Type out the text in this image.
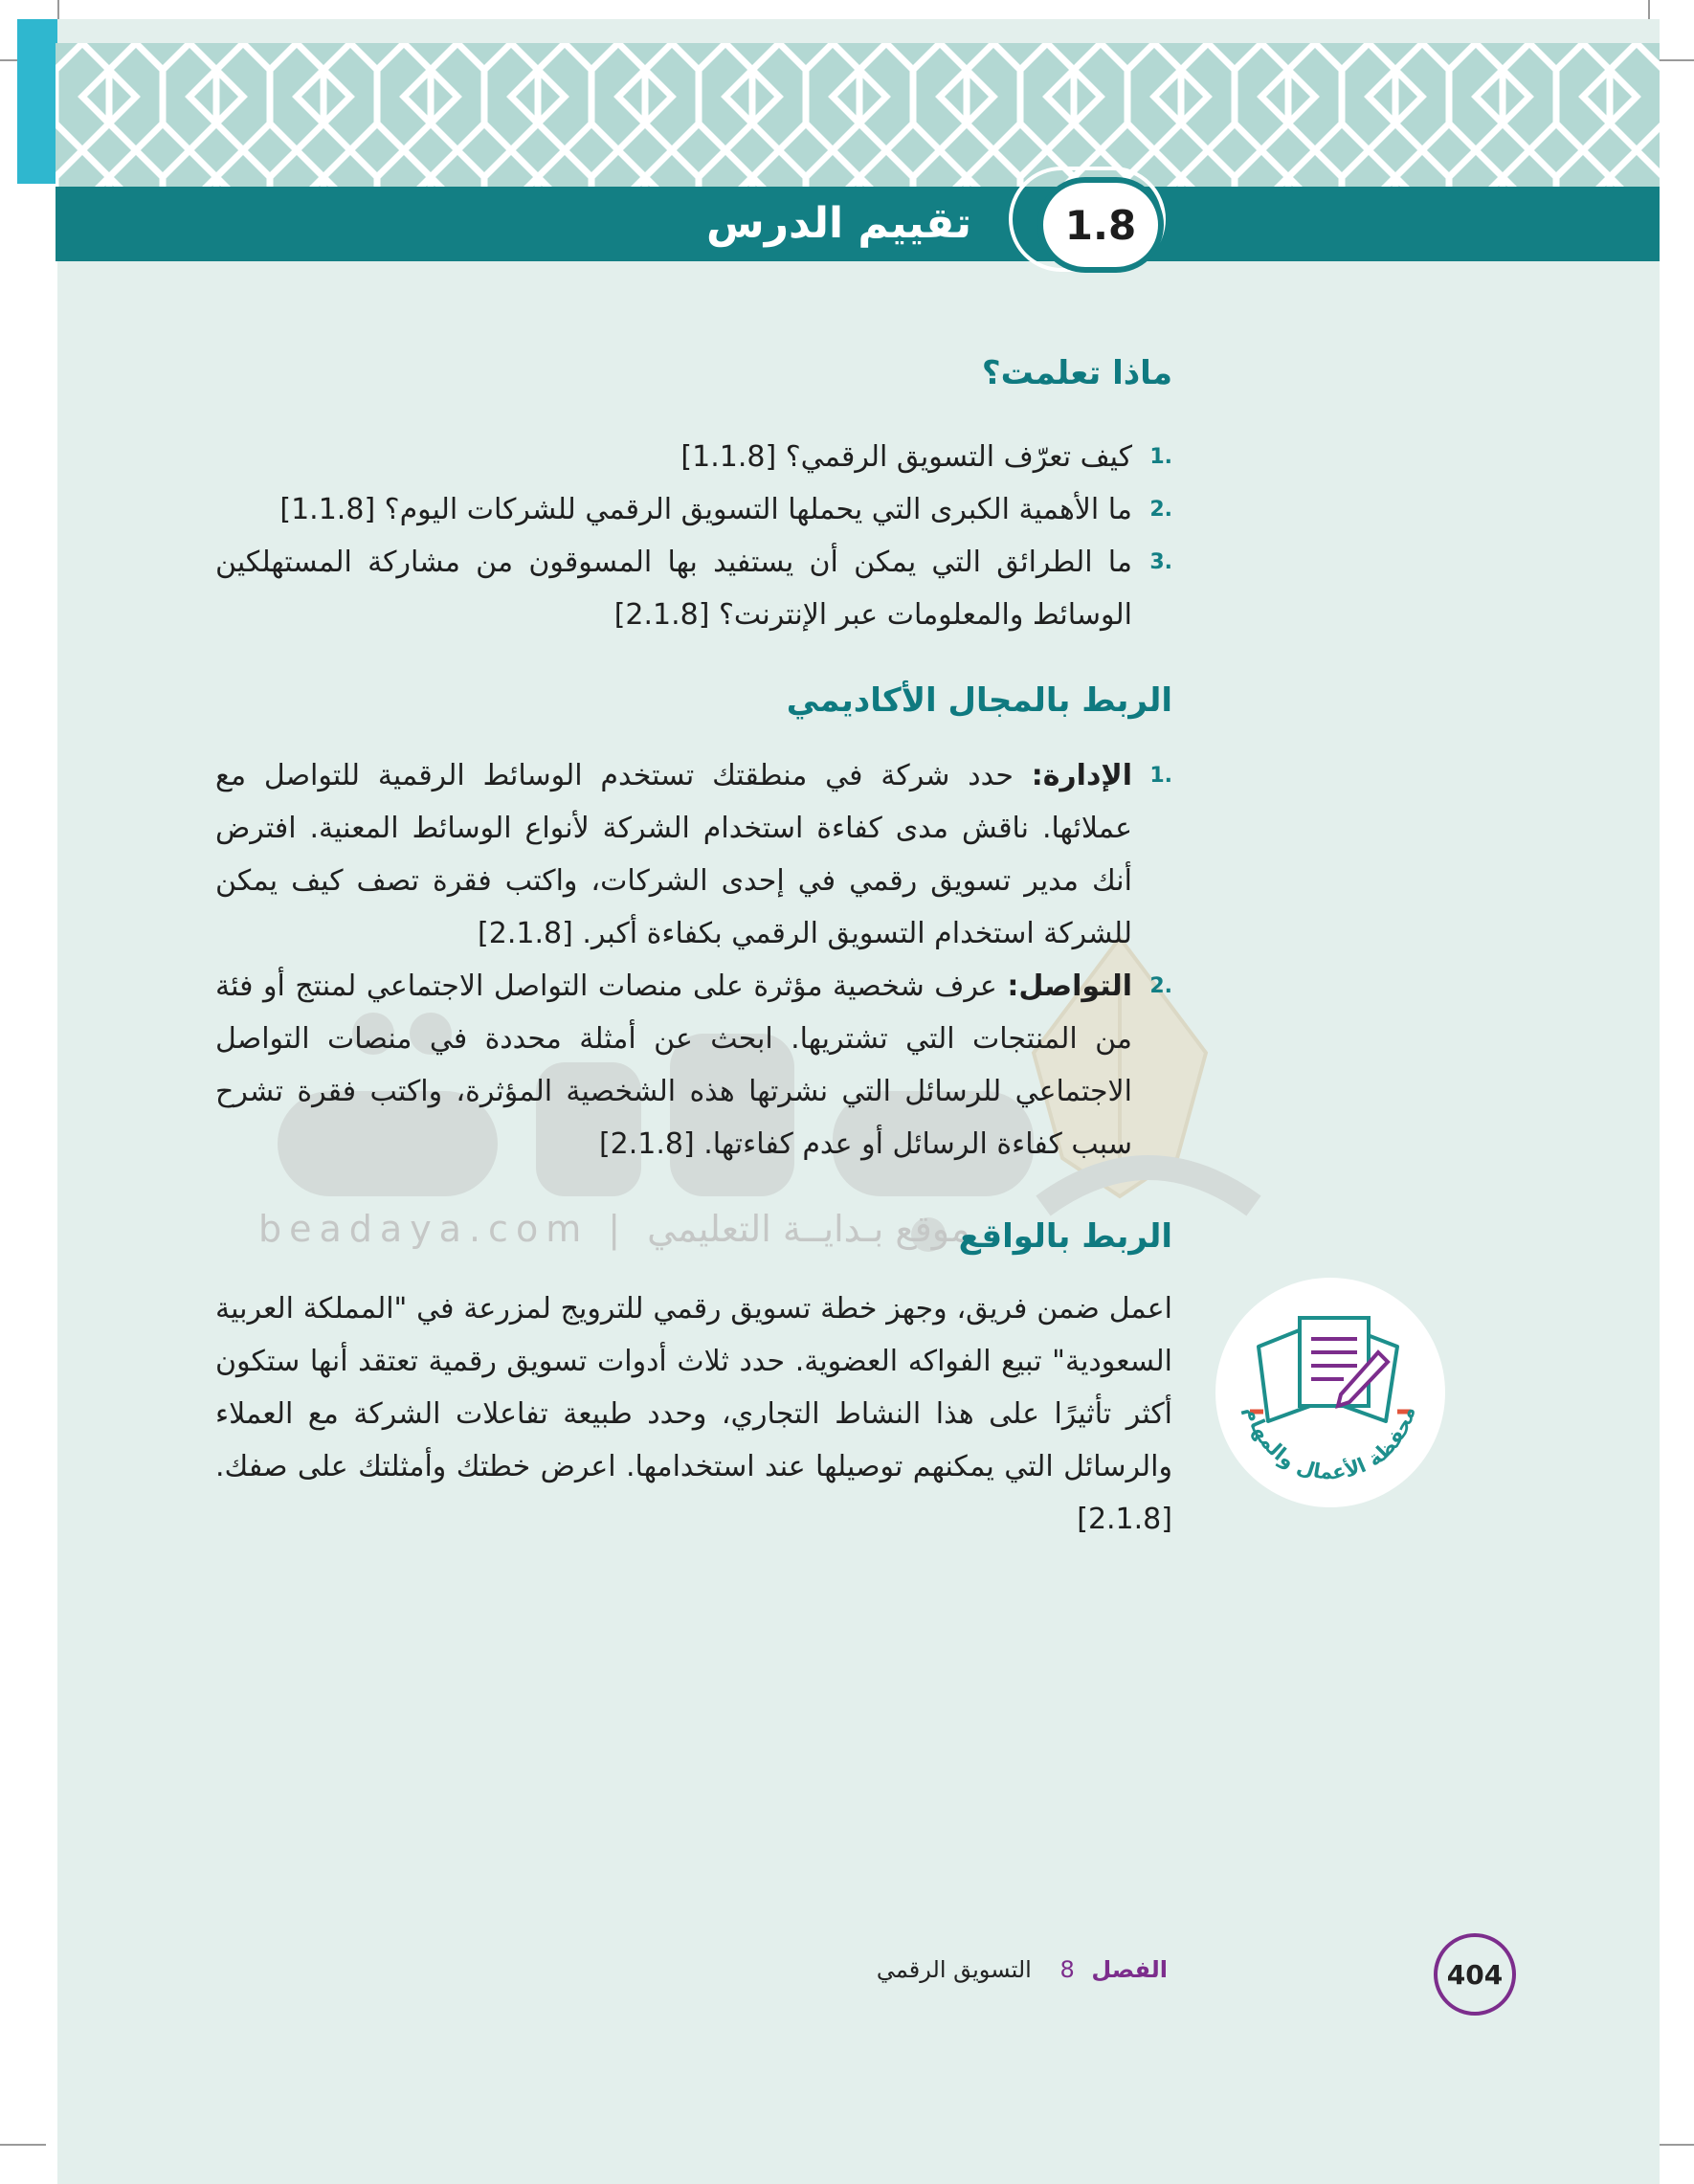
تقييم الدرس	1.8
beadaya.com | موقع بـدايــة التعليمي
ماذا تعلمت؟
1.
كيف تعرّف التسويق الرقمي؟ [1.1.8]
2.
ما الأهمية الكبرى التي يحملها التسويق الرقمي للشركات اليوم؟ [1.1.8]
3.
ما الطرائق التي يمكن أن يستفيد بها المسوقون من مشاركة المستهلكين الوسائط والمعلومات عبر الإنترنت؟ [2.1.8]
الربط بالمجال الأكاديمي
1.
الإدارة: حدد شركة في منطقتك تستخدم الوسائط الرقمية للتواصل مع عملائها. ناقش مدى كفاءة استخدام الشركة لأنواع الوسائط المعنية. افترض أنك مدير تسويق رقمي في إحدى الشركات، واكتب فقرة تصف كيف يمكن للشركة استخدام التسويق الرقمي بكفاءة أكبر. [2.1.8]
2.
التواصل: عرف شخصية مؤثرة على منصات التواصل الاجتماعي لمنتج أو فئة من المنتجات التي تشتريها. ابحث عن أمثلة محددة في منصات التواصل الاجتماعي للرسائل التي نشرتها هذه الشخصية المؤثرة، واكتب فقرة تشرح سبب كفاءة الرسائل أو عدم كفاءتها. [2.1.8]
الربط بالواقع
اعمل ضمن فريق، وجهز خطة تسويق رقمي للترويج لمزرعة في "المملكة العربية السعودية" تبيع الفواكه العضوية. حدد ثلاث أدوات تسويق رقمية تعتقد أنها ستكون أكثر تأثيرًا على هذا النشاط التجاري، وحدد طبيعة تفاعلات الشركة مع العملاء والرسائل التي يمكنهم توصيلها عند استخدامها. اعرض خطتك وأمثلتك على صفك. [2.1.8]
محفظة الأعمال والمهام
404
الفصل 8 التسويق الرقمي
